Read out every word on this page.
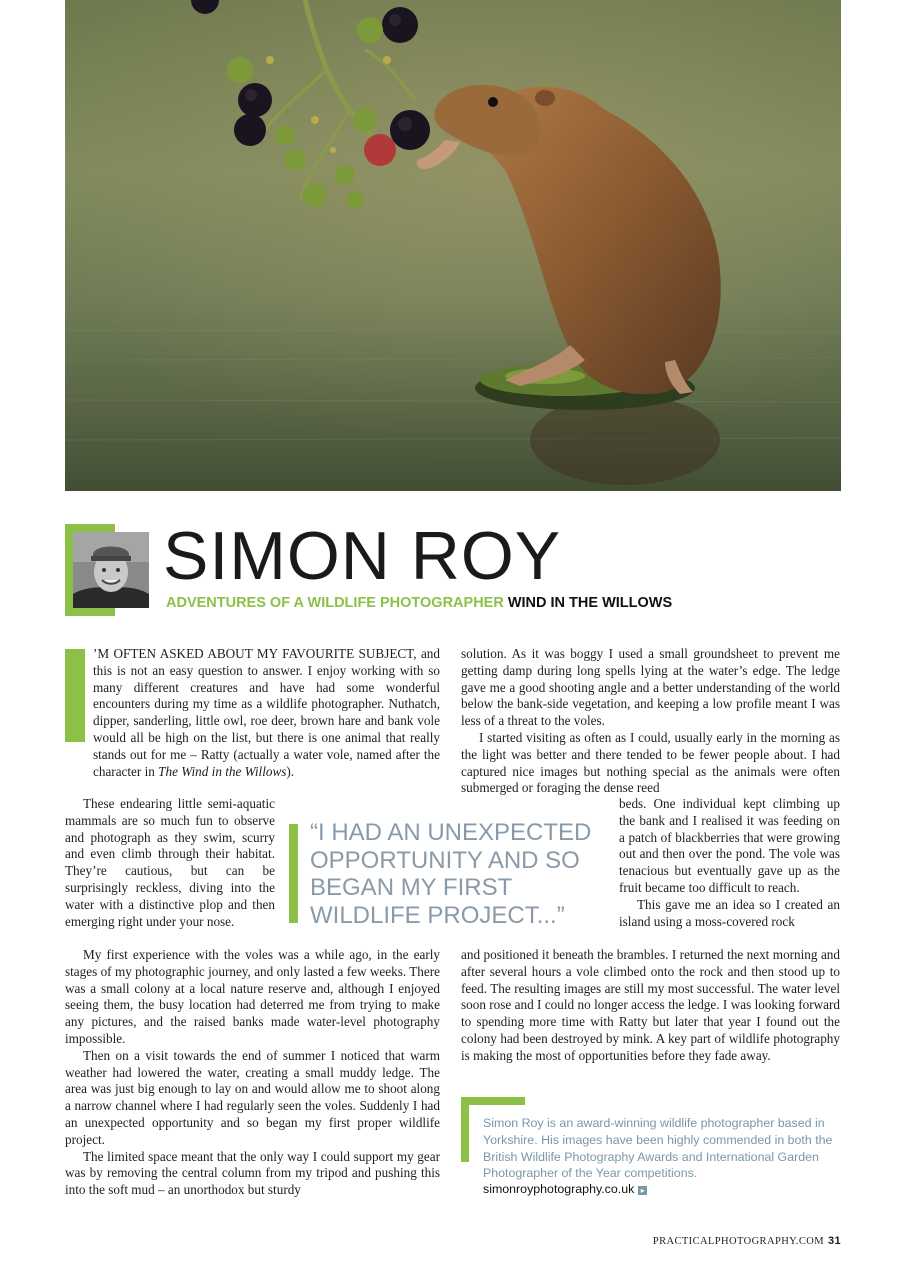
SIMON ROY
ADVENTURES OF A WILDLIFE PHOTOGRAPHER WIND IN THE WILLOWS

’M OFTEN ASKED ABOUT MY FAVOURITE SUBJECT, and this is not an easy question to answer. I enjoy working with so many different creatures and have had some wonderful encounters during my time as a wildlife photographer. Nuthatch, dipper, sanderling, little owl, roe deer, brown hare and bank vole would all be high on the list, but there is one animal that really stands out for me – Ratty (actually a water vole, named after the character in The Wind in the Willows).

These endearing little semi-aquatic mammals are so much fun to observe and photograph as they swim, scurry and even climb through their habitat. They’re cautious, but can be surprisingly reckless, diving into the water with a distinctive plop and then emerging right under your nose.

My first experience with the voles was a while ago, in the early stages of my photographic journey, and only lasted a few weeks. There was a small colony at a local nature reserve and, although I enjoyed seeing them, the busy location had deterred me from trying to make any pictures, and the raised banks made water-level photography impossible.

Then on a visit towards the end of summer I noticed that warm weather had lowered the water, creating a small muddy ledge. The area was just big enough to lay on and would allow me to shoot along a narrow channel where I had regularly seen the voles. Suddenly I had an unexpected opportunity and so began my first proper wildlife project.

The limited space meant that the only way I could support my gear was by removing the central column from my tripod and pushing this into the soft mud – an unorthodox but sturdy

“I HAD AN UNEXPECTED OPPORTUNITY AND SO BEGAN MY FIRST WILDLIFE PROJECT...”

solution. As it was boggy I used a small groundsheet to prevent me getting damp during long spells lying at the water’s edge. The ledge gave me a good shooting angle and a better understanding of the world below the bank-side vegetation, and keeping a low profile meant I was less of a threat to the voles.

I started visiting as often as I could, usually early in the morning as the light was better and there tended to be fewer people about. I had captured nice images but nothing special as the animals were often submerged or foraging the dense reed

beds. One individual kept climbing up the bank and I realised it was feeding on a patch of blackberries that were growing out and then over the pond. The vole was tenacious but eventually gave up as the fruit became too difficult to reach.

This gave me an idea so I created an island using a moss-covered rock

and positioned it beneath the brambles. I returned the next morning and after several hours a vole climbed onto the rock and then stood up to feed. The resulting images are still my most successful. The water level soon rose and I could no longer access the ledge. I was looking forward to spending more time with Ratty but later that year I found out the colony had been destroyed by mink. A key part of wildlife photography is making the most of opportunities before they fade away.

Simon Roy is an award-winning wildlife photographer based in Yorkshire. His images have been highly commended in both the British Wildlife Photography Awards and International Garden Photographer of the Year competitions.
simonroyphotography.co.uk ▸
PRACTICALPHOTOGRAPHY.COM 31
